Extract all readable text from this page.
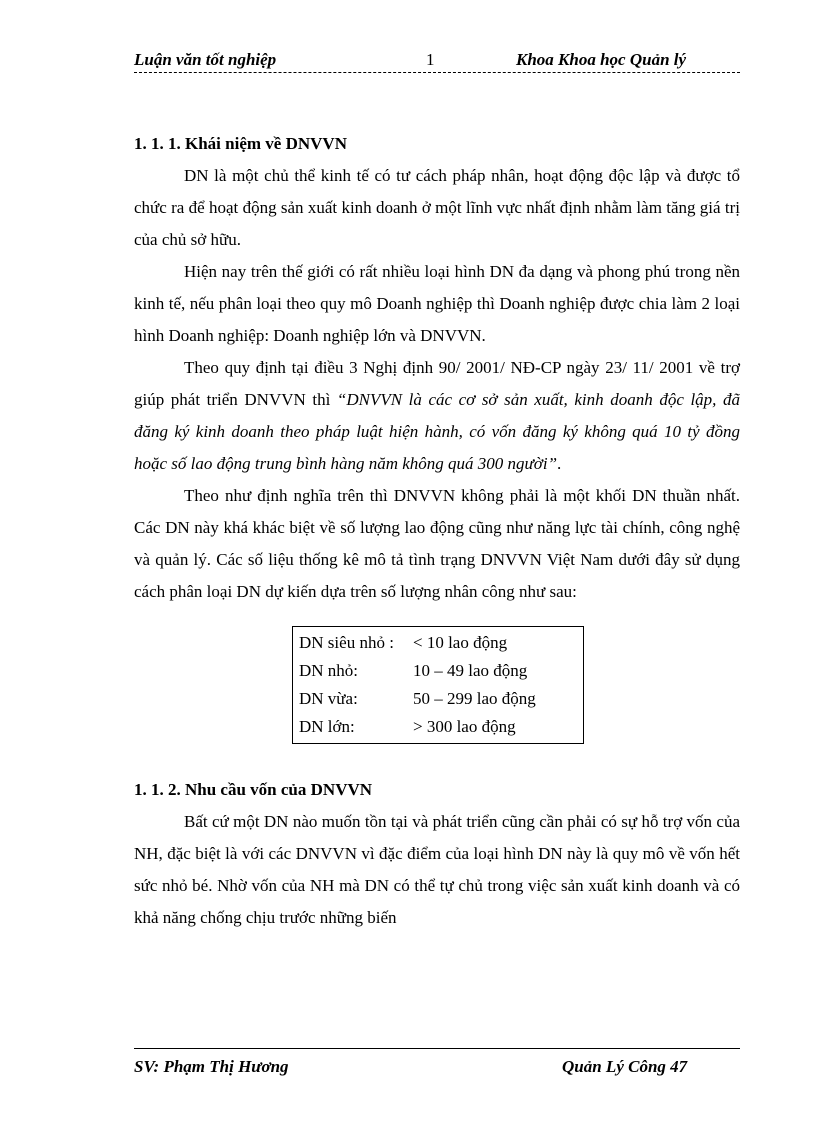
Luận văn tốt nghiệp	1	Khoa Khoa học Quản lý
1. 1. 1. Khái niệm về DNVVN

DN là một chủ thể kinh tế có tư cách pháp nhân, hoạt động độc lập và được tổ chức ra để hoạt động sản xuất kinh doanh ở một lĩnh vực nhất định nhằm làm tăng giá trị của chủ sở hữu.

Hiện nay trên thế giới có rất nhiều loại hình DN đa dạng và phong phú trong nền kinh tế, nếu phân loại theo quy mô Doanh nghiệp thì Doanh nghiệp được chia làm 2 loại hình Doanh nghiệp: Doanh nghiệp lớn và DNVVN.

Theo quy định tại điều 3 Nghị định 90/ 2001/ NĐ-CP ngày 23/ 11/ 2001 về trợ giúp phát triển DNVVN thì “DNVVN là các cơ sở sản xuất, kinh doanh độc lập, đã đăng ký kinh doanh theo pháp luật hiện hành, có vốn đăng ký không quá 10 tỷ đồng hoặc số lao động trung bình hàng năm không quá 300 người”.

Theo như định nghĩa trên thì DNVVN không phải là một khối DN thuần nhất. Các DN này khá khác biệt về số lượng lao động cũng như năng lực tài chính, công nghệ và quản lý. Các số liệu thống kê mô tả tình trạng DNVVN Việt Nam dưới đây sử dụng cách phân loại DN dự kiến dựa trên số lượng nhân công như sau:

DN siêu nhỏ :	< 10 lao động
DN nhỏ:	10 – 49 lao động
DN vừa:	50 – 299 lao động
DN lớn:	> 300 lao động
1. 1. 2. Nhu cầu vốn của DNVVN

Bất cứ một DN nào muốn tồn tại và phát triển cũng cần phải có sự hỗ trợ vốn của NH, đặc biệt là với các DNVVN vì đặc điểm của loại hình DN này là quy mô về vốn hết sức nhỏ bé. Nhờ vốn của NH mà DN có thể tự chủ trong việc sản xuất kinh doanh và có khả năng chống chịu trước những biến

SV: Phạm Thị Hương	Quản Lý Công 47
